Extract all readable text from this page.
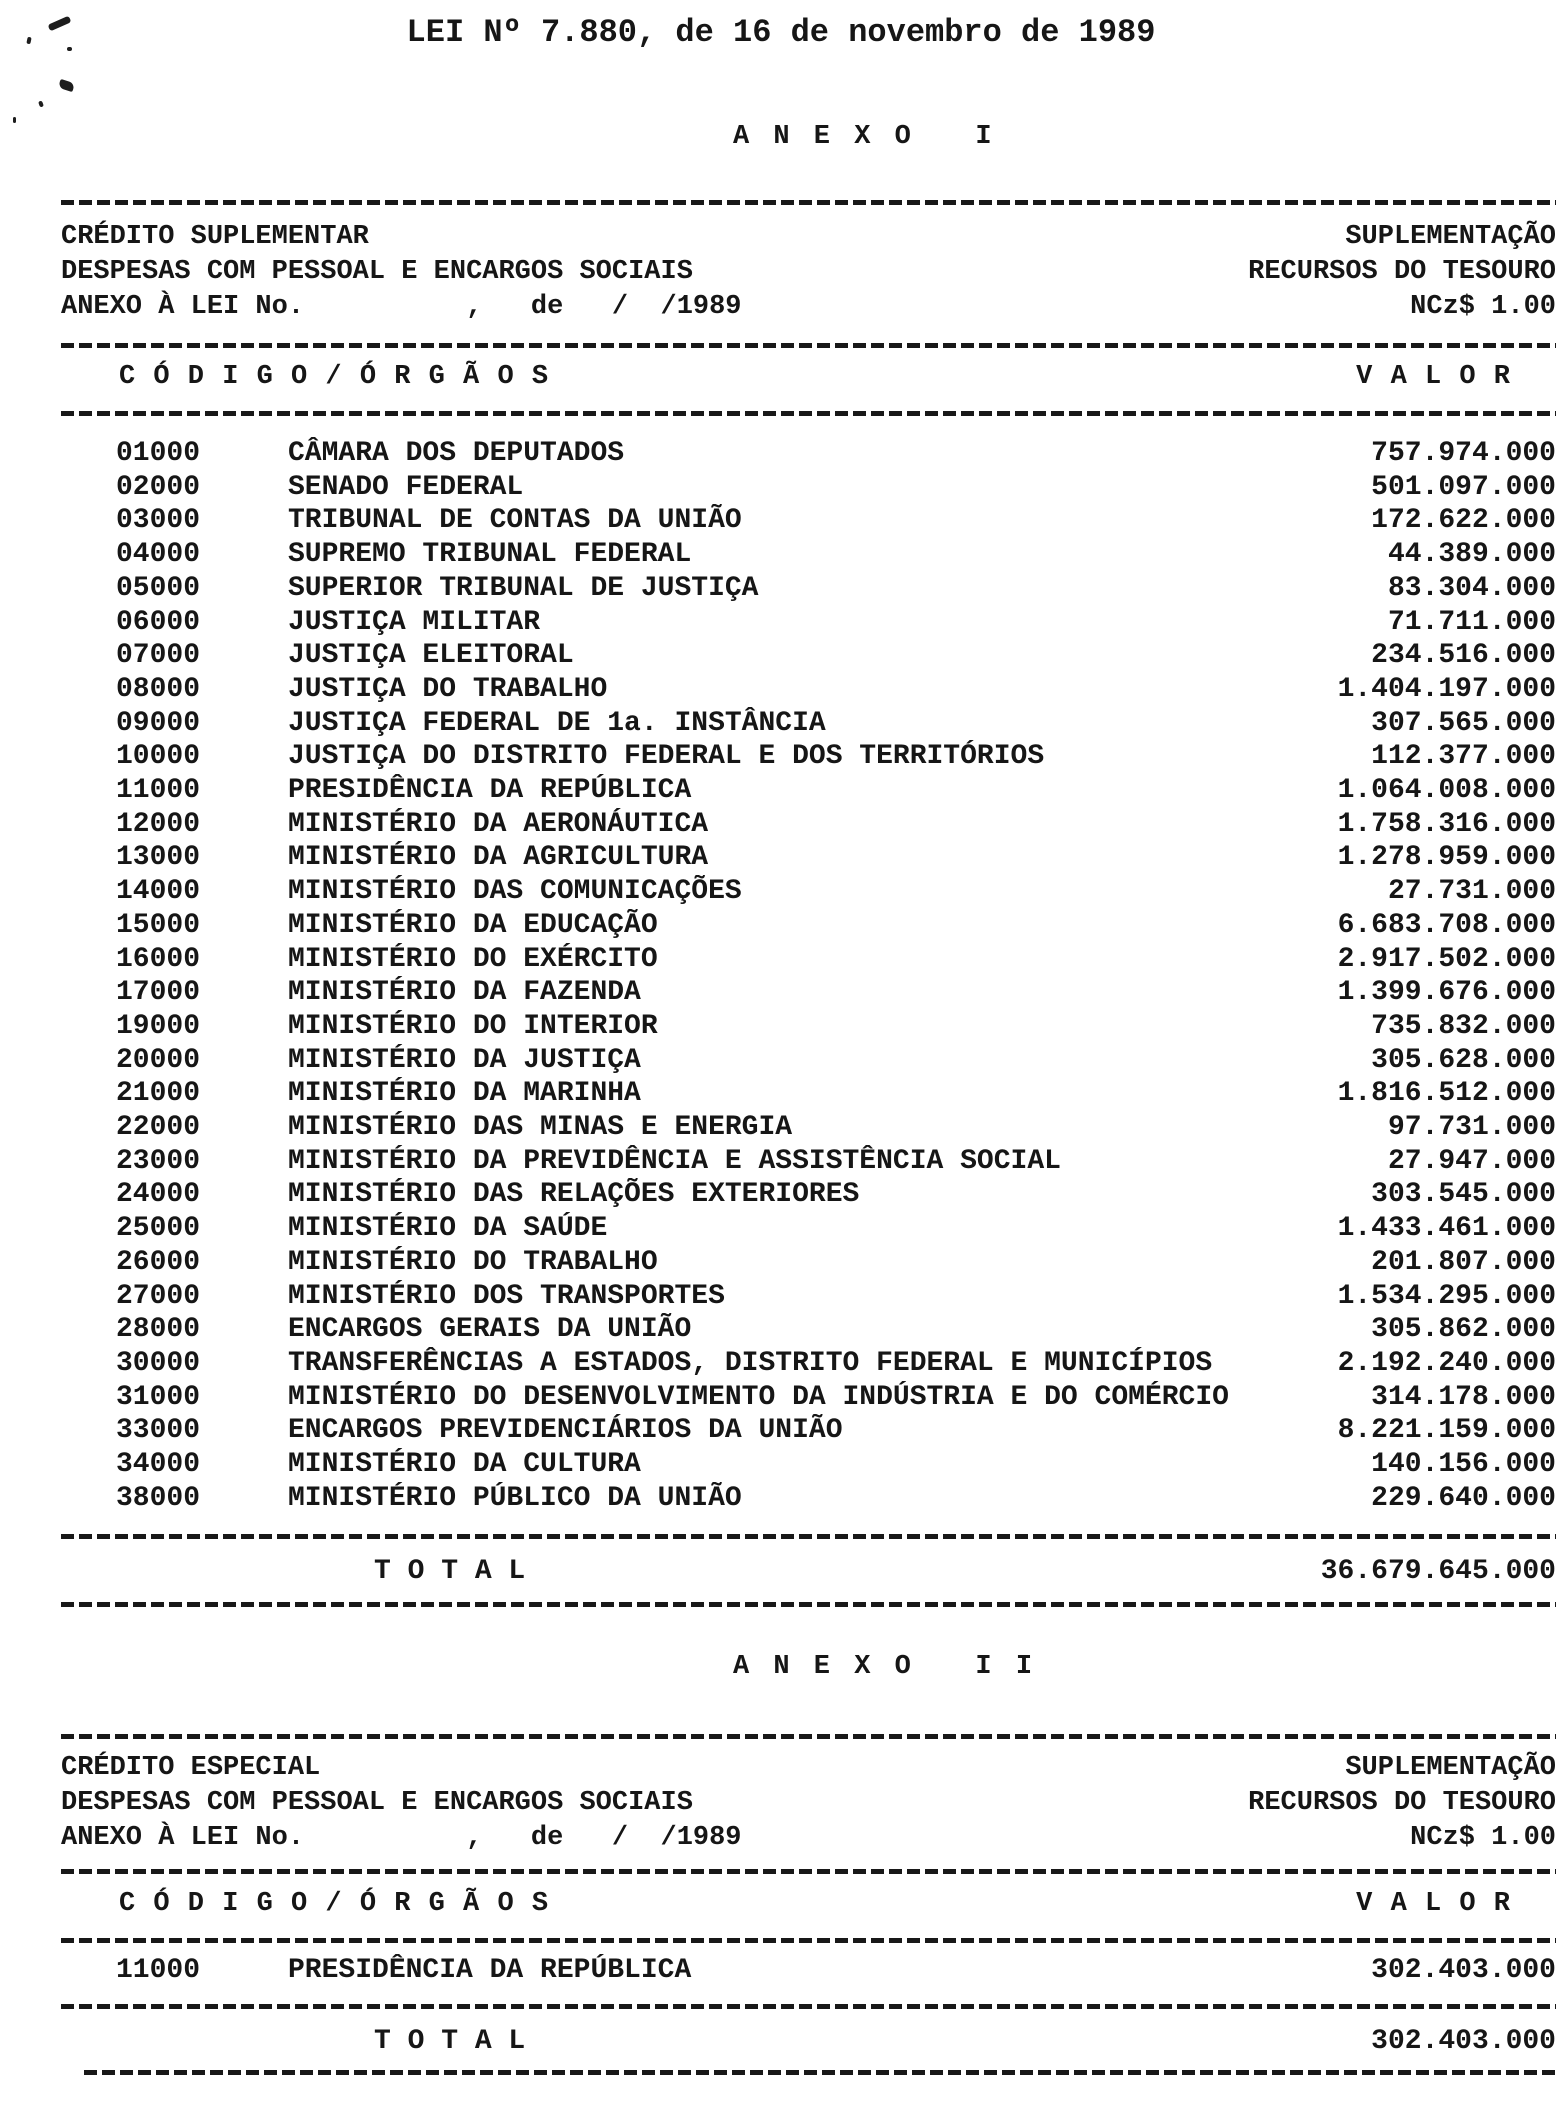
LEI Nº 7.880, de 16 de novembro de 1989
A N E X O   I
CRÉDITO SUPLEMENTAR	SUPLEMENTAÇÃO
DESPESAS COM PESSOAL E ENCARGOS SOCIAIS	RECURSOS DO TESOURO
ANEXO À LEI No.          ,   de   /  /1989	NCz$ 1.00
C Ó D I G O / Ó R G Ã O S	V A L O R
01000	CÂMARA DOS DEPUTADOS	757.974.000
02000	SENADO FEDERAL	501.097.000
03000	TRIBUNAL DE CONTAS DA UNIÃO	172.622.000
04000	SUPREMO TRIBUNAL FEDERAL	44.389.000
05000	SUPERIOR TRIBUNAL DE JUSTIÇA	83.304.000
06000	JUSTIÇA MILITAR	71.711.000
07000	JUSTIÇA ELEITORAL	234.516.000
08000	JUSTIÇA DO TRABALHO	1.404.197.000
09000	JUSTIÇA FEDERAL DE 1a. INSTÂNCIA	307.565.000
10000	JUSTIÇA DO DISTRITO FEDERAL E DOS TERRITÓRIOS	112.377.000
11000	PRESIDÊNCIA DA REPÚBLICA	1.064.008.000
12000	MINISTÉRIO DA AERONÁUTICA	1.758.316.000
13000	MINISTÉRIO DA AGRICULTURA	1.278.959.000
14000	MINISTÉRIO DAS COMUNICAÇÕES	27.731.000
15000	MINISTÉRIO DA EDUCAÇÃO	6.683.708.000
16000	MINISTÉRIO DO EXÉRCITO	2.917.502.000
17000	MINISTÉRIO DA FAZENDA	1.399.676.000
19000	MINISTÉRIO DO INTERIOR	735.832.000
20000	MINISTÉRIO DA JUSTIÇA	305.628.000
21000	MINISTÉRIO DA MARINHA	1.816.512.000
22000	MINISTÉRIO DAS MINAS E ENERGIA	97.731.000
23000	MINISTÉRIO DA PREVIDÊNCIA E ASSISTÊNCIA SOCIAL	27.947.000
24000	MINISTÉRIO DAS RELAÇÕES EXTERIORES	303.545.000
25000	MINISTÉRIO DA SAÚDE	1.433.461.000
26000	MINISTÉRIO DO TRABALHO	201.807.000
27000	MINISTÉRIO DOS TRANSPORTES	1.534.295.000
28000	ENCARGOS GERAIS DA UNIÃO	305.862.000
30000	TRANSFERÊNCIAS A ESTADOS, DISTRITO FEDERAL E MUNICÍPIOS	2.192.240.000
31000	MINISTÉRIO DO DESENVOLVIMENTO DA INDÚSTRIA E DO COMÉRCIO	314.178.000
33000	ENCARGOS PREVIDENCIÁRIOS DA UNIÃO	8.221.159.000
34000	MINISTÉRIO DA CULTURA	140.156.000
38000	MINISTÉRIO PÚBLICO DA UNIÃO	229.640.000
T O T A L	36.679.645.000
A N E X O   I I
CRÉDITO ESPECIAL	SUPLEMENTAÇÃO
DESPESAS COM PESSOAL E ENCARGOS SOCIAIS	RECURSOS DO TESOURO
ANEXO À LEI No.          ,   de   /  /1989	NCz$ 1.00
C Ó D I G O / Ó R G Ã O S	V A L O R
11000	PRESIDÊNCIA DA REPÚBLICA	302.403.000
T O T A L	302.403.000
